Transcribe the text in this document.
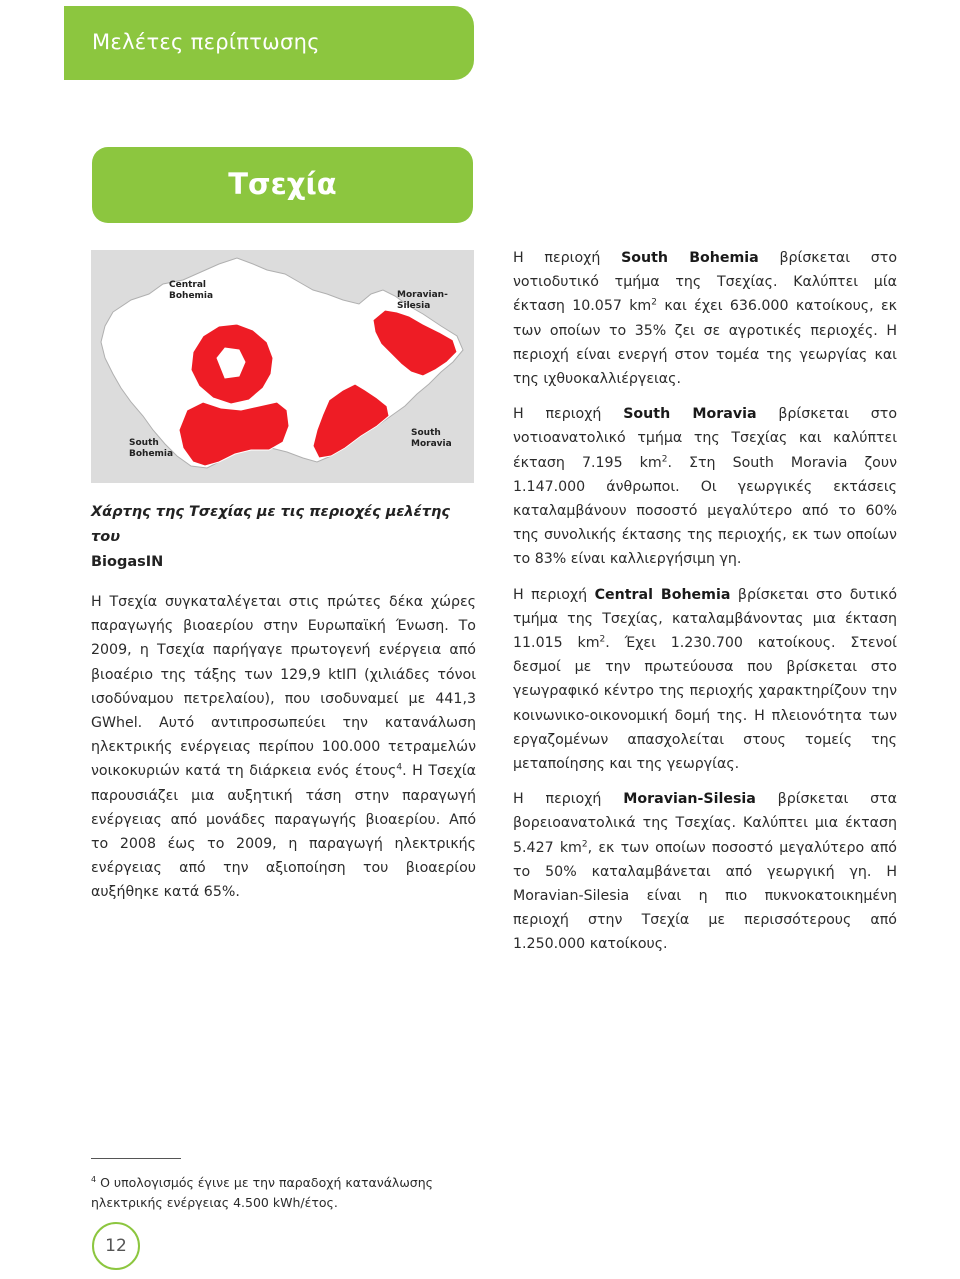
Μελέτες περίπτωσης
Τσεχία
Central
Bohemia	Moravian-
Silesia
South
Bohemia
South
Moravia
Χάρτης της Τσεχίας με τις περιοχές μελέτης του
BiogasIN

Η Τσεχία συγκαταλέγεται στις πρώτες δέκα χώρες παραγωγής βιοαερίου στην Ευρωπαϊκή Ένωση. Το 2009, η Τσεχία παρήγαγε πρωτογενή ενέργεια από βιοαέριο της τάξης των 129,9 ktΙΠ (χιλιάδες τόνοι ισοδύναμου πετρελαίου), που ισοδυναμεί με 441,3 GWhel. Αυτό αντιπροσωπεύει την κατανάλωση ηλεκτρικής ενέργειας περίπου 100.000 τετραμελών νοικοκυριών κατά τη διάρκεια ενός έτους$^4$. Η Τσεχία παρουσιάζει μια αυξητική τάση στην παραγωγή ενέργειας από μονάδες παραγωγής βιοαερίου. Από το 2008 έως το 2009, η παραγωγή ηλεκτρικής ενέργειας από την αξιοποίηση του βιοαερίου αυξήθηκε κατά 65%.

Η περιοχή South Bohemia βρίσκεται στο νοτιοδυτικό τμήμα της Τσεχίας. Καλύπτει μία έκταση 10.057 $km^2$ και έχει 636.000 κατοίκους, εκ των οποίων το 35% ζει σε αγροτικές περιοχές. Η περιοχή είναι ενεργή στον τομέα της γεωργίας και της ιχθυοκαλλιέργειας.

Η περιοχή South Moravia βρίσκεται στο νοτιοανατολικό τμήμα της Τσεχίας και καλύπτει έκταση 7.195 $km^2$. Στη South Moravia ζουν 1.147.000 άνθρωποι. Οι γεωργικές εκτάσεις καταλαμβάνουν ποσοστό μεγαλύτερο από το 60% της συνολικής έκτασης της περιοχής, εκ των οποίων το 83% είναι καλλιεργήσιμη γη.

Η περιοχή Central Bohemia βρίσκεται στο δυτικό τμήμα της Τσεχίας, καταλαμβάνοντας μια έκταση 11.015 $km^2$. Έχει 1.230.700 κατοίκους. Στενοί δεσμοί με την πρωτεύουσα που βρίσκεται στο γεωγραφικό κέντρο της περιοχής χαρακτηρίζουν την κοινωνικο-οικονομική δομή της. Η πλειονότητα των εργαζομένων απασχολείται στους τομείς της μεταποίησης και της γεωργίας.

Η περιοχή Moravian-Silesia βρίσκεται στα βορειοανατολικά της Τσεχίας. Καλύπτει μια έκταση 5.427 $km^2$, εκ των οποίων ποσοστό μεγαλύτερο από το 50% καταλαμβάνεται από γεωργική γη. Η Moravian-Silesia είναι η πιο πυκνοκατοικημένη περιοχή στην Τσεχία με περισσότερους από 1.250.000 κατοίκους.

$^4$ Ο υπολογισμός έγινε με την παραδοχή κατανάλωσης ηλεκτρικής ενέργειας 4.500 kWh/έτος.
12
